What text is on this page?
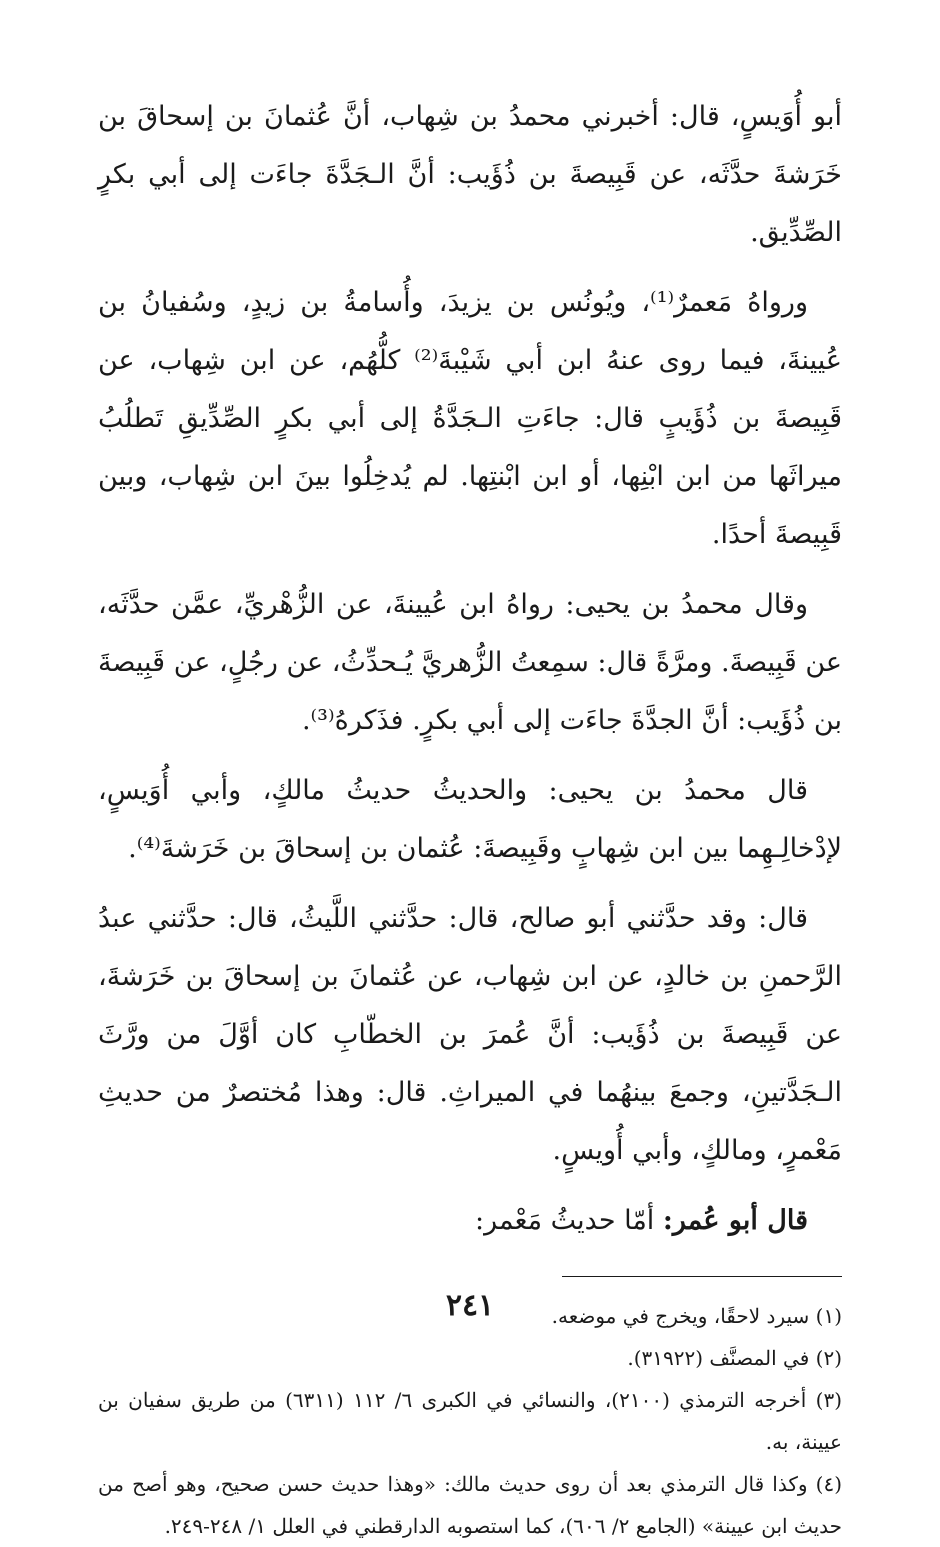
أبو أُوَيسٍ، قال: أخبرني محمدُ بن شِهاب، أنَّ عُثمانَ بن إسحاقَ بن خَرَشةَ حدَّثَه، عن قَبِيصةَ بن ذُؤَيب: أنَّ الـجَدَّةَ جاءَت إلى أبي بكرٍ الصِّدِّيق.

ورواهُ مَعمرٌ⁽¹⁾، ويُونُس بن يزيدَ، وأُسامةُ بن زيدٍ، وسُفيانُ بن عُيينةَ، فيما روى عنهُ ابن أبي شَيْبةَ⁽²⁾ كلُّهُم، عن ابن شِهاب، عن قَبِيصةَ بن ذُؤَيبٍ قال: جاءَتِ الـجَدَّةُ إلى أبي بكرٍ الصِّدِّيقِ تَطلُبُ ميراثَها من ابن ابْنِها، أو ابن ابْنتِها. لم يُدخِلُوا بينَ ابن شِهاب، وبين قَبِيصةَ أحدًا.

وقال محمدُ بن يحيى: رواهُ ابن عُيينةَ، عن الزُّهْريِّ، عمَّن حدَّثَه، عن قَبِيصةَ. ومرَّةً قال: سمِعتُ الزُّهريَّ يُـحدِّثُ، عن رجُلٍ، عن قَبِيصةَ بن ذُؤَيب: أنَّ الجدَّةَ جاءَت إلى أبي بكرٍ. فذَكرهُ⁽³⁾.

قال محمدُ بن يحيى: والحديثُ حديثُ مالكٍ، وأبي أُوَيسٍ، لإدْخالِـهِما بين ابن شِهابٍ وقَبِيصةَ: عُثمان بن إسحاقَ بن خَرَشةَ⁽⁴⁾.

قال: وقد حدَّثني أبو صالح، قال: حدَّثني اللَّيثُ، قال: حدَّثني عبدُ الرَّحمنِ بن خالدٍ، عن ابن شِهاب، عن عُثمانَ بن إسحاقَ بن خَرَشةَ، عن قَبِيصةَ بن ذُؤَيب: أنَّ عُمرَ بن الخطّابِ كان أوَّلَ من ورَّثَ الـجَدَّتينِ، وجمعَ بينهُما في الميراثِ. قال: وهذا مُختصرٌ من حديثِ مَعْمرٍ، ومالكٍ، وأبي أُويسٍ.

قال أبو عُمر: أمّا حديثُ مَعْمر:

(١) سيرد لاحقًا، ويخرج في موضعه.

(٢) في المصنَّف (٣١٩٢٢).

(٣) أخرجه الترمذي (٢١٠٠)، والنسائي في الكبرى ٦/ ١١٢ (٦٣١١) من طريق سفيان بن عيينة، به.

(٤) وكذا قال الترمذي بعد أن روى حديث مالك: «وهذا حديث حسن صحيح، وهو أصح من حديث ابن عيينة» (الجامع ٢/ ٦٠٦)، كما استصوبه الدارقطني في العلل ١/ ٢٤٨-٢٤٩.

٢٤١
